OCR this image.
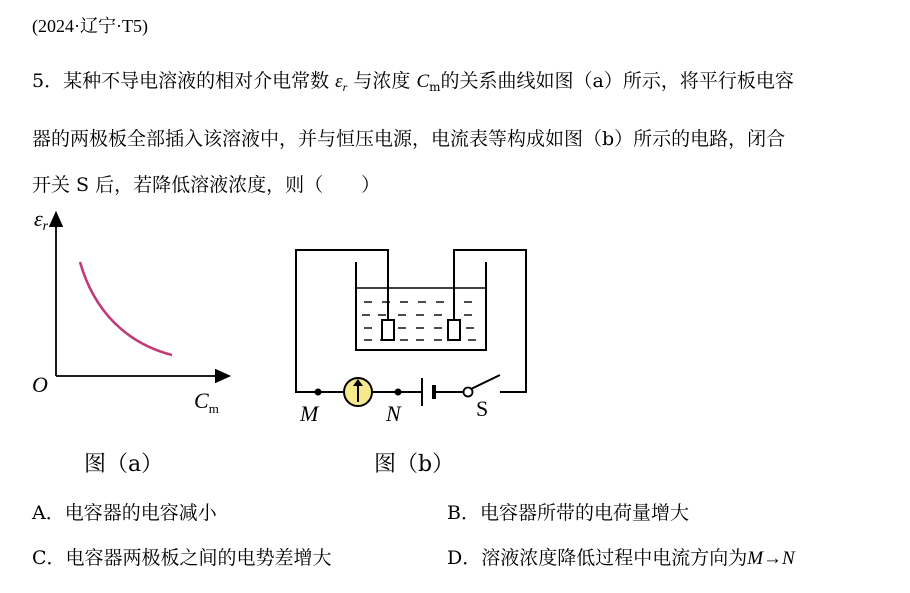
(2024·辽宁·T5)
5．某种不导电溶液的相对介电常数 $\varepsilon_r$ 与浓度 $C_m$的关系曲线如图（a）所示，将平行板电容
器的两极板全部插入该溶液中，并与恒压电源，电流表等构成如图（b）所示的电路，闭合
开关 S 后，若降低溶液浓度，则（　　）
εr
O
$C_m$
图（a）
M	N	S
图（b）
A．电容器的电容减小	B．电容器所带的电荷量增大
C．电容器两极板之间的电势差增大	D．溶液浓度降低过程中电流方向为M→N
